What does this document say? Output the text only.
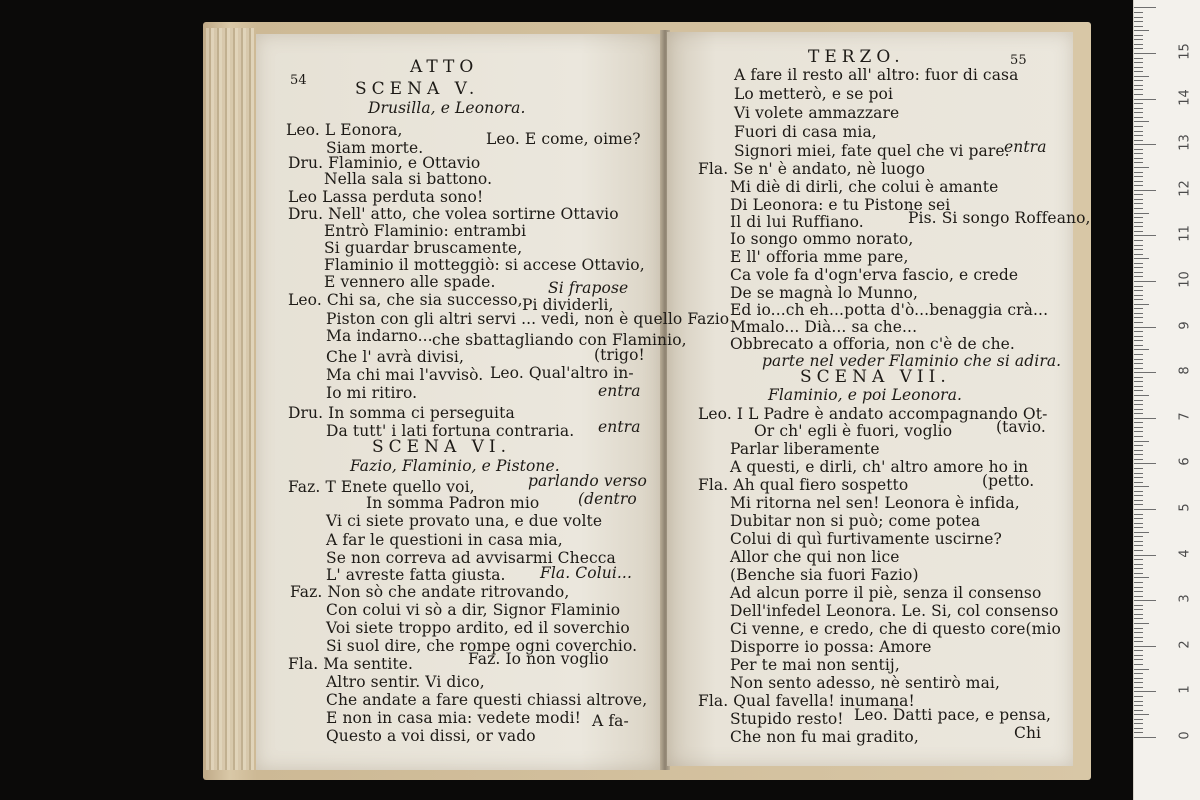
54
ATTO
SCENA V.
Drusilla, e Leonora.
Leo. L Eonora,
Siam morte.	Leo. E come, oime?
Dru. Flaminio, e Ottavio
Nella sala si battono.
Leo Lassa perduta sono!
Dru. Nell' atto, che volea sortirne Ottavio
Entrò Flaminio: entrambi
Si guardar bruscamente,
Flaminio il motteggiò: si accese Ottavio,
E vennero alle spade.	Si frapose
Leo. Chi sa, che sia successo, Pi dividerli,
Piston con gli altri servi ... vedi, non è quello Fazio
Ma indarno... che sbattagliando con Flaminio,
Che l' avrà divisi,	(trigo!
Ma chi mai l'avvisò. Leo. Qual'altro in-
Io mi ritiro.	entra
Dru. In somma ci perseguita
Da tutt' i lati fortuna contraria. entra
SCENA VI.
Fazio, Flaminio, e Pistone.
Faz. T Enete quello voi,	parlando verso
In somma Padron mio (dentro
Vi ci siete provato una, e due volte
A far le questioni in casa mia,
Se non correva ad avvisarmi Checca
L' avreste fatta giusta. Fla. Colui...
Faz. Non sò che andate ritrovando,
Con colui vi sò a dir, Signor Flaminio
Voi siete troppo ardito, ed il soverchio
Si suol dire, che rompe ogni coverchio.
Fla. Ma sentite.	Faz. Io non voglio
Altro sentir. Vi dico,
Che andate a fare questi chiassi altrove,
E non in casa mia: vedete modi!
Questo a voi dissi, or vado
A fa-
TERZO.	55
A fare il resto all' altro: fuor di casa
Lo metterò, e se poi
Vi volete ammazzare
Fuori di casa mia,
Signori miei, fate quel che vi pare.
entra
Fla. Se n' è andato, nè luogo
Mi diè di dirli, che colui è amante
Di Leonora: e tu Pistone sei
Il di lui Ruffiano.	Pis. Si songo Roffeano,
Io songo ommo norato,
E ll' offoria mme pare,
Ca vole fa d'ogn'erva fascio, e crede
De se magnà lo Munno,
Ed io...ch eh...potta d'ò...benaggia crà...
Mmalo... Dià... sa che...
Obbrecato a offoria, non c'è de che.
parte nel veder Flaminio che si adira.
SCENA VII.
Flaminio, e poi Leonora.
Leo. I L Padre è andato accompagnando Ot-
Or ch' egli è fuori, voglio	(tavio.
Parlar liberamente
A questi, e dirli, ch' altro amore ho in
Fla. Ah qual fiero sospetto	(petto.
Mi ritorna nel sen! Leonora è infida,
Dubitar non si può; come potea
Colui di quì furtivamente uscirne?
Allor che qui non lice
(Benche sia fuori Fazio)
Ad alcun porre il piè, senza il consenso
Dell'infedel Leonora. Le. Si, col consenso
Ci venne, e credo, che di questo core(mio
Disporre io possa: Amore
Per te mai non sentij,
Non sento adesso, nè sentirò mai,
Fla. Qual favella! inumana!
Stupido resto! Leo. Datti pace, e pensa,
Che non fu mai gradito,	Chi
15
14
13
12
11
10
9
8
7
6
5
4
3
2
1
0
